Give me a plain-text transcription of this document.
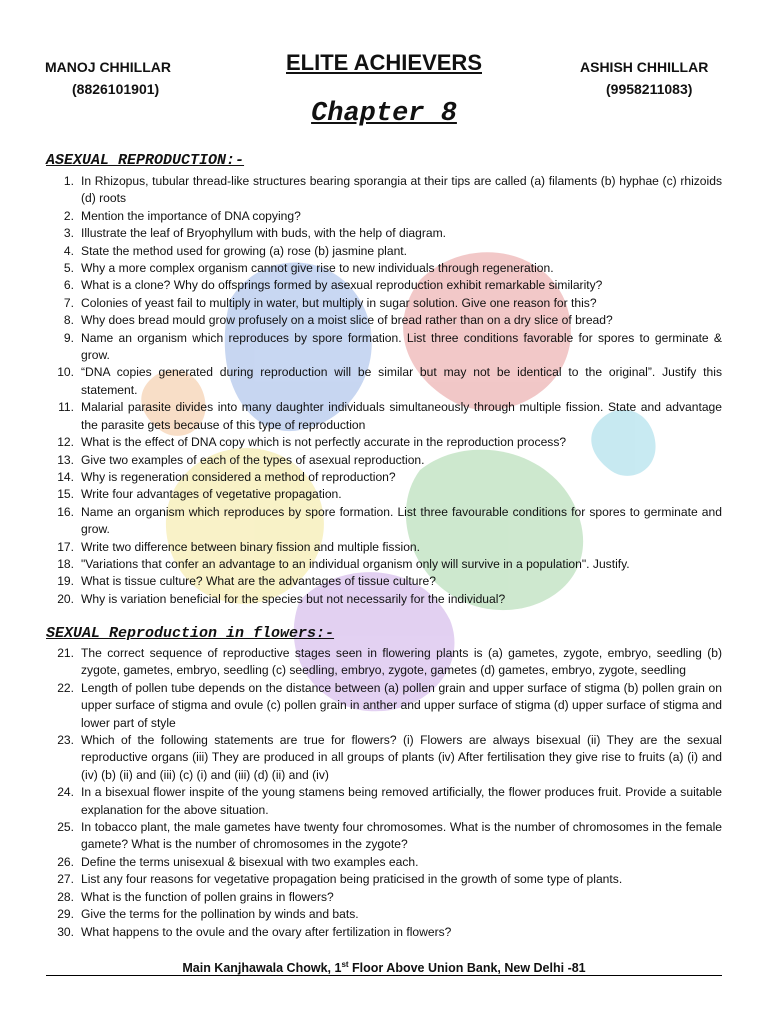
MANOJ CHHILLAR
(8826101901)
ELITE ACHIEVERS	ASHISH CHHILLAR
(9958211083)
Chapter 8
ASEXUAL REPRODUCTION:-
1. In Rhizopus, tubular thread-like structures bearing sporangia at their tips are called (a) filaments (b) hyphae (c) rhizoids (d) roots
2. Mention the importance of DNA copying?
3. Illustrate the leaf of Bryophyllum with buds, with the help of diagram.
4. State the method used for growing (a) rose (b) jasmine plant.
5. Why a more complex organism cannot give rise to new individuals through regeneration.
6. What is a clone? Why do offsprings formed by asexual reproduction exhibit remarkable similarity?
7. Colonies of yeast fail to multiply in water, but multiply in sugar solution. Give one reason for this?
8. Why does bread mould grow profusely on a moist slice of bread rather than on a dry slice of bread?
9. Name an organism which reproduces by spore formation. List three conditions favorable for spores to germinate & grow.
10. “DNA copies generated during reproduction will be similar but may not be identical to the original”. Justify this statement.
11. Malarial parasite divides into many daughter individuals simultaneously through multiple fission. State and advantage the parasite gets because of this type of reproduction
12. What is the effect of DNA copy which is not perfectly accurate in the reproduction process?
13. Give two examples of each of the types of asexual reproduction.
14. Why is regeneration considered a method of reproduction?
15. Write four advantages of vegetative propagation.
16. Name an organism which reproduces by spore formation. List three favourable conditions for spores to germinate and grow.
17. Write two difference between binary fission and multiple fission.
18. "Variations that confer an advantage to an individual organism only will survive in a population". Justify.
19. What is tissue culture? What are the advantages of tissue culture?
20. Why is variation beneficial for the species but not necessarily for the individual?
SEXUAL Reproduction in flowers:-
21. The correct sequence of reproductive stages seen in flowering plants is (a) gametes, zygote, embryo, seedling (b) zygote, gametes, embryo, seedling (c) seedling, embryo, zygote, gametes (d) gametes, embryo, zygote, seedling
22. Length of pollen tube depends on the distance between (a) pollen grain and upper surface of stigma (b) pollen grain on upper surface of stigma and ovule (c) pollen grain in anther and upper surface of stigma (d) upper surface of stigma and lower part of style
23. Which of the following statements are true for flowers? (i) Flowers are always bisexual (ii) They are the sexual reproductive organs (iii) They are produced in all groups of plants (iv) After fertilisation they give rise to fruits (a) (i) and (iv) (b) (ii) and (iii) (c) (i) and (iii) (d) (ii) and (iv)
24. In a bisexual flower inspite of the young stamens being removed artificially, the flower produces fruit. Provide a suitable explanation for the above situation.
25. In tobacco plant, the male gametes have twenty four chromosomes. What is the number of chromosomes in the female gamete? What is the number of chromosomes in the zygote?
26. Define the terms unisexual & bisexual with two examples each.
27. List any four reasons for vegetative propagation being praticised in the growth of some type of plants.
28. What is the function of pollen grains in flowers?
29. Give the terms for the pollination by winds and bats.
30. What happens to the ovule and the ovary after fertilization in flowers?
Main Kanjhawala Chowk, 1st Floor Above Union Bank, New Delhi -81
